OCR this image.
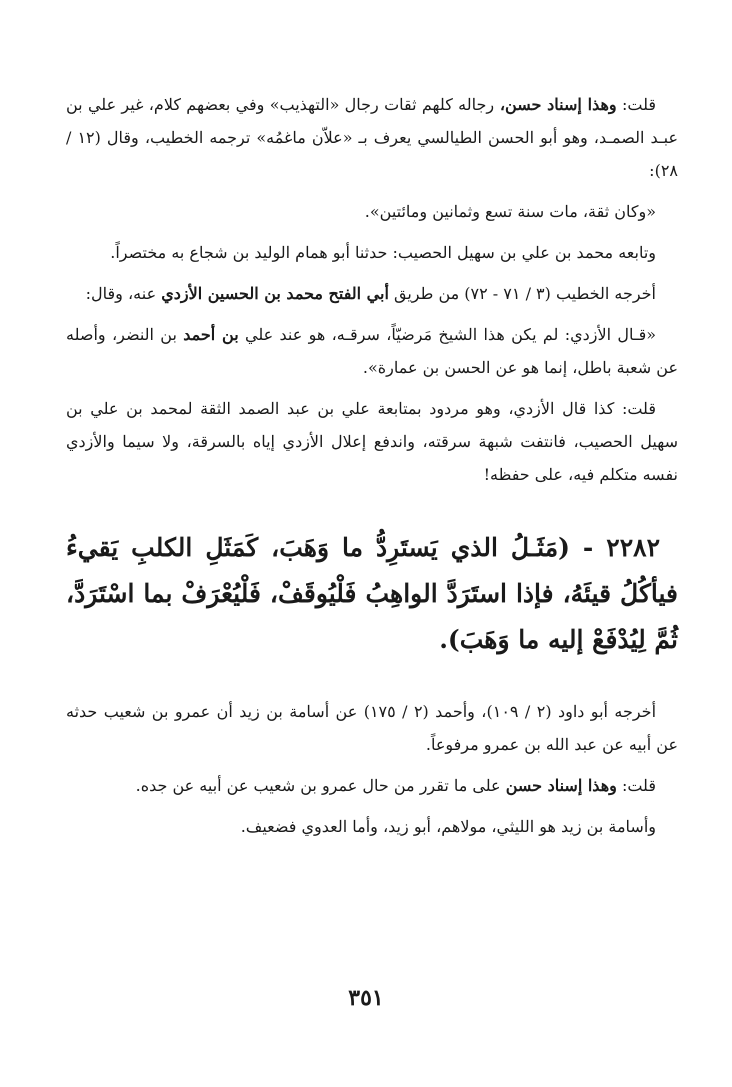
قلت: وهذا إسناد حسن، رجاله كلهم ثقات رجال «التهذيب» وفي بعضهم كلام، غير علي بن عبـد الصمـد، وهو أبو الحسن الطيالسي يعرف بـ «علاّن ماغمُه» ترجمه الخطيب، وقال (١٢ / ٢٨):

«وكان ثقة، مات سنة تسع وثمانين ومائتين».

وتابعه محمد بن علي بن سهيل الحصيب: حدثنا أبو همام الوليد بن شجاع به مختصراً.

أخرجه الخطيب (٣ / ٧١ - ٧٢) من طريق أبي الفتح محمد بن الحسين الأزدي عنه، وقال:

«قـال الأزدي: لم يكن هذا الشيخ مَرضيّاً، سرقـه، هو عند علي بن أحمد بن النضر، وأصله عن شعبة باطل، إنما هو عن الحسن بن عمارة».

قلت: كذا قال الأزدي، وهو مردود بمتابعة علي بن عبد الصمد الثقة لمحمد بن علي بن سهيل الحصيب، فانتفت شبهة سرقته، واندفع إعلال الأزدي إياه بالسرقة، ولا سيما والأزدي نفسه متكلم فيه، على حفظه!

٢٢٨٢ - (مَثَـلُ الذي يَستَرِدُّ ما وَهَبَ، كَمَثَلِ الكلبِ يَقيءُ فيأكُلُ قيئَهُ، فإذا استَرَدَّ الواهِبُ فَلْيُوقَفْ، فَلْيُعْرَفْ بما اسْتَرَدَّ، ثُمَّ لِيُدْفَعْ إليه ما وَهَبَ).

أخرجه أبو داود (٢ / ١٠٩)، وأحمد (٢ / ١٧٥) عن أسامة بن زيد أن عمرو بن شعيب حدثه عن أبيه عن عبد الله بن عمرو مرفوعاً.

قلت: وهذا إسناد حسن على ما تقرر من حال عمرو بن شعيب عن أبيه عن جده.

وأسامة بن زيد هو الليثي، مولاهم، أبو زيد، وأما العدوي فضعيف.

٣٥١
